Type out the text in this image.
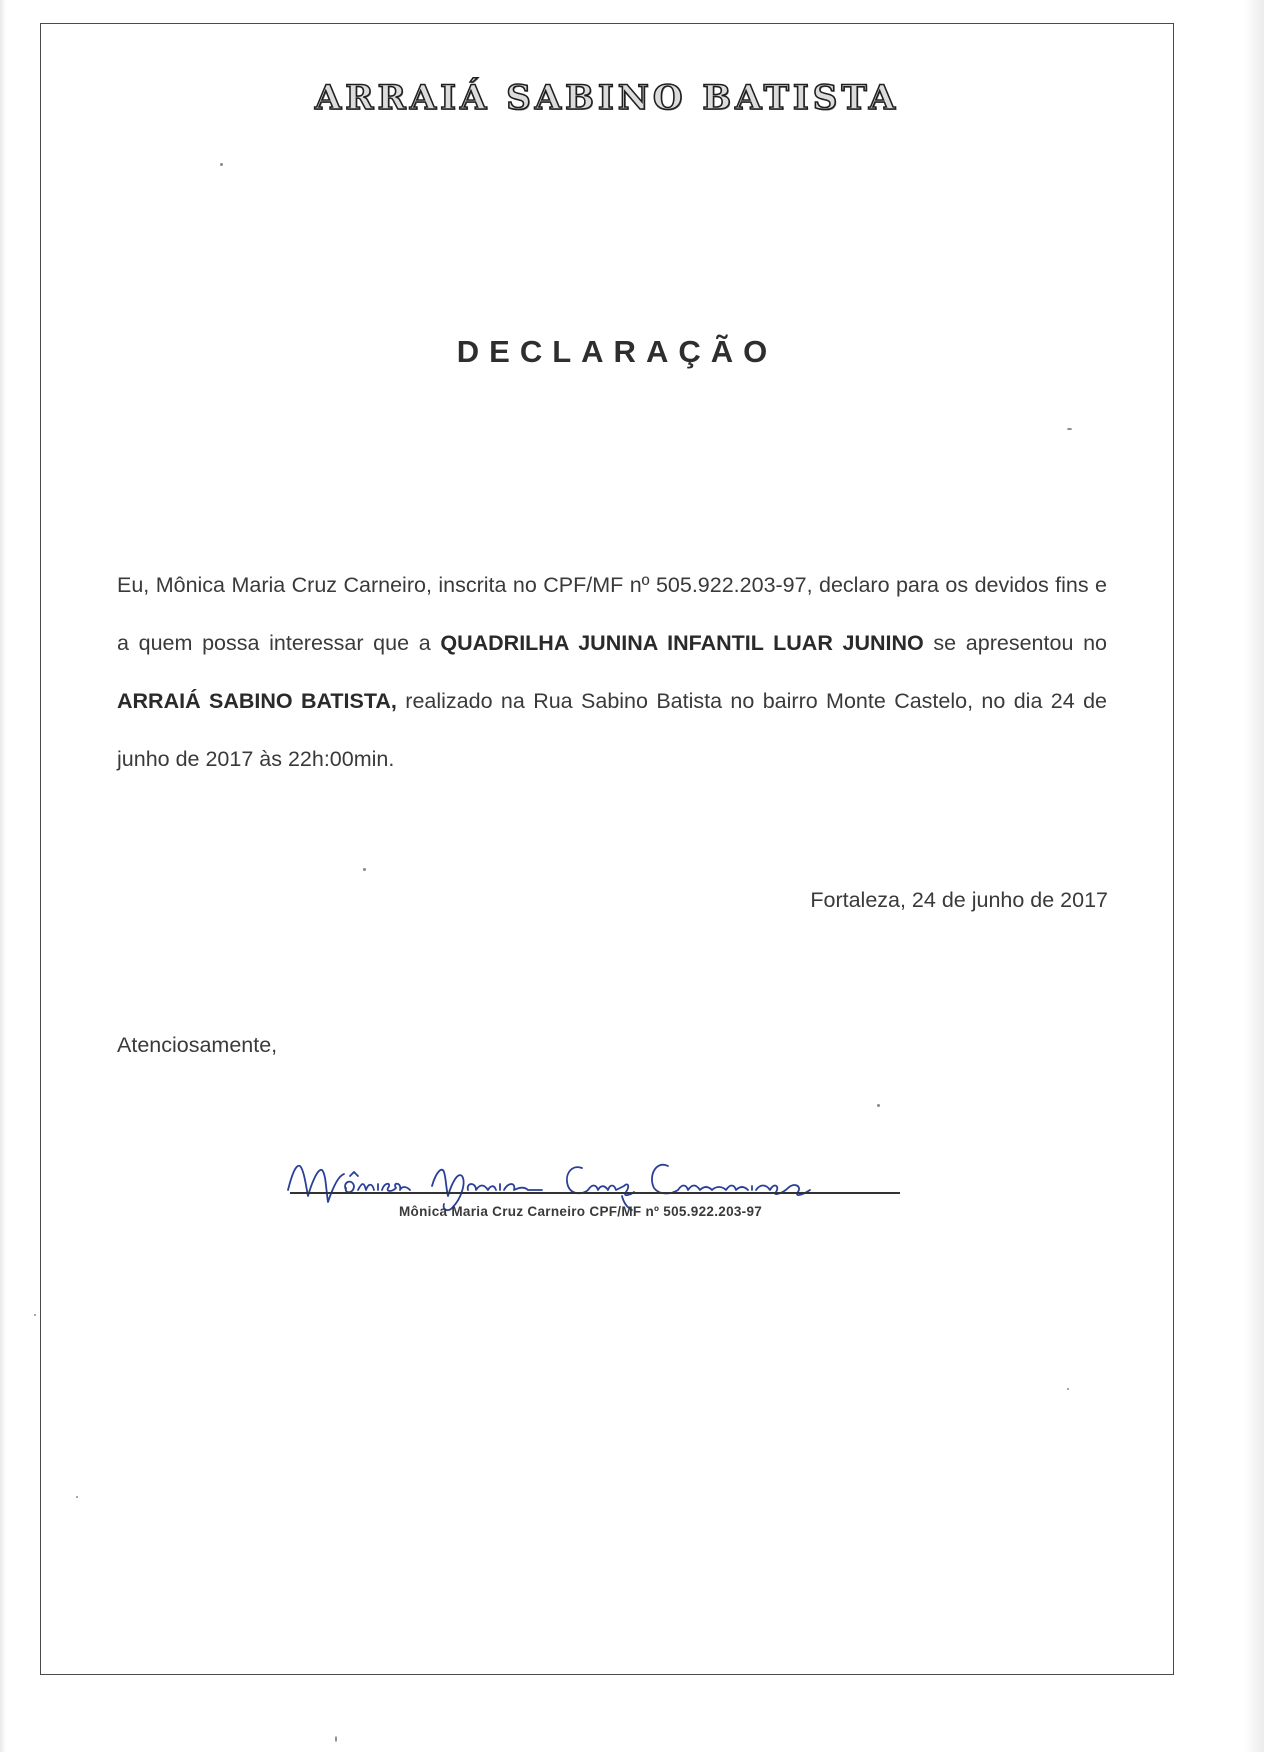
ARRAIÁ SABINO BATISTA
DECLARAÇÃO

Eu, Mônica Maria Cruz Carneiro, inscrita no CPF/MF nº 505.922.203-97, declaro para os devidos fins e a quem possa interessar que a QUADRILHA JUNINA INFANTIL LUAR JUNINO se apresentou no ARRAIÁ SABINO BATISTA, realizado na Rua Sabino Batista no bairro Monte Castelo, no dia 24 de junho de 2017 às 22h:00min.

Fortaleza, 24 de junho de 2017

Atenciosamente,

Mônica Maria Cruz Carneiro CPF/MF nº 505.922.203-97
